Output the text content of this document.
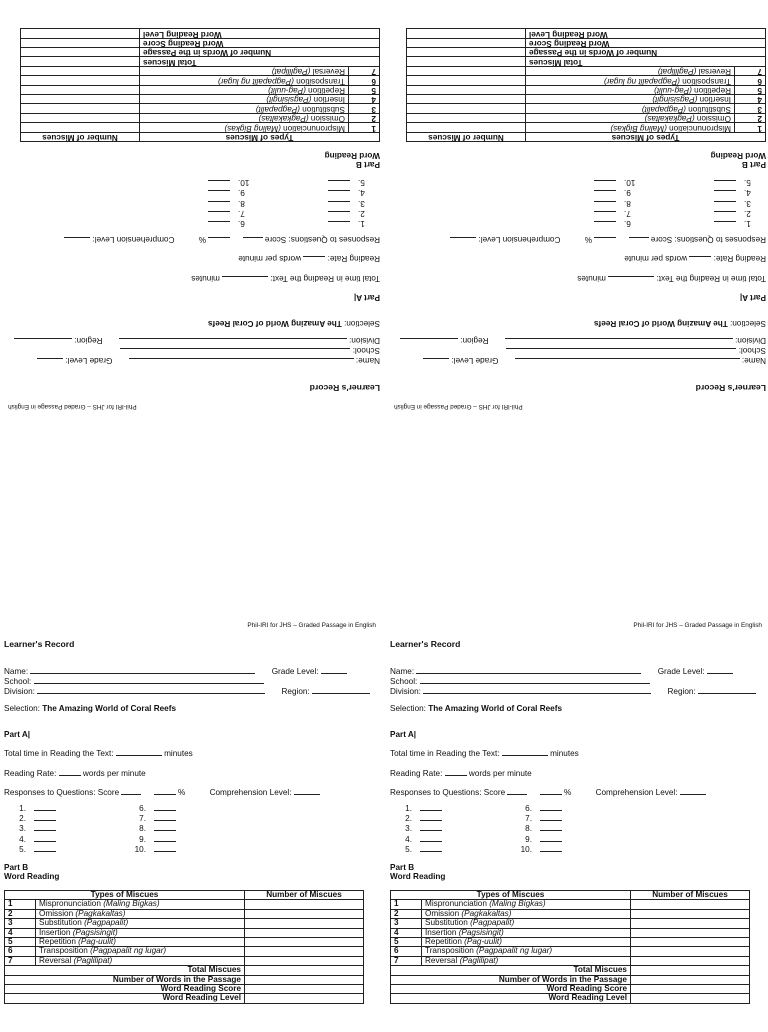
Phil-IRI for JHS – Graded Passage in English
Learner's Record
Name:	Grade Level:
School:
Division:	Region:
Selection: The Amazing World of Coral Reefs
Part A|
Total time in Reading the Text:	minutes
Reading Rate:	words per minute
Responses to Questions: Score	%	Comprehension Level:
1.
2.
3.
4.
5.
6.
7.
8.
9.
10.
Part B
Word Reading
Types of Miscues		Number of Miscues
1	Mispronunciation (Maling Bigkas)	
2	Omission (Pagkakaltas)	
3	Substitution (Pagpapalit)	
4	Insertion (Pagsisingit)	
5	Repetition (Pag-uulit)	
6	Transposition (Pagpapalit ng lugar)	
7	Reversal (Paglilipat)	
Total Miscues		
Number of Words in the Passage		
Word Reading Score		
Word Reading Level		
Phil-IRI for JHS – Graded Passage in English
Learner's Record
Name:	Grade Level:
School:
Division:	Region:
Selection: The Amazing World of Coral Reefs
Part A|
Total time in Reading the Text:	minutes
Reading Rate:	words per minute
Responses to Questions: Score	%	Comprehension Level:
1.
2.
3.
4.
5.
6.
7.
8.
9.
10.
Part B
Word Reading
Types of Miscues		Number of Miscues
1	Mispronunciation (Maling Bigkas)	
2	Omission (Pagkakaltas)	
3	Substitution (Pagpapalit)	
4	Insertion (Pagsisingit)	
5	Repetition (Pag-uulit)	
6	Transposition (Pagpapalit ng lugar)	
7	Reversal (Paglilipat)	
Total Miscues		
Number of Words in the Passage		
Word Reading Score		
Word Reading Level		
Phil-IRI for JHS – Graded Passage in English
Learner's Record
Name:  Grade Level:
School:
Division:  Region:
Selection: The Amazing World of Coral Reefs
Part A|
Total time in Reading the Text:  minutes
Reading Rate:  words per minute
Responses to Questions: Score   % Comprehension Level:
1.
2.
3.
4.
5.
6.
7.
8.
9.
10.
Part B
Word Reading
Types of Miscues		Number of Miscues
1	Mispronunciation (Maling Bigkas)	
2	Omission (Pagkakaltas)	
3	Substitution (Pagpapalit)	
4	Insertion (Pagsisingit)	
5	Repetition (Pag-uulit)	
6	Transposition (Pagpapalit ng lugar)	
7	Reversal (Paglilipat)	
Total Miscues		
Number of Words in the Passage		
Word Reading Score		
Word Reading Level		
Phil-IRI for JHS – Graded Passage in English
Learner's Record
Name:  Grade Level:
School:
Division:  Region:
Selection: The Amazing World of Coral Reefs
Part A|
Total time in Reading the Text:  minutes
Reading Rate:  words per minute
Responses to Questions: Score   % Comprehension Level:
1.
2.
3.
4.
5.
6.
7.
8.
9.
10.
Part B
Word Reading
Types of Miscues		Number of Miscues
1	Mispronunciation (Maling Bigkas)	
2	Omission (Pagkakaltas)	
3	Substitution (Pagpapalit)	
4	Insertion (Pagsisingit)	
5	Repetition (Pag-uulit)	
6	Transposition (Pagpapalit ng lugar)	
7	Reversal (Paglilipat)	
Total Miscues		
Number of Words in the Passage		
Word Reading Score		
Word Reading Level		
